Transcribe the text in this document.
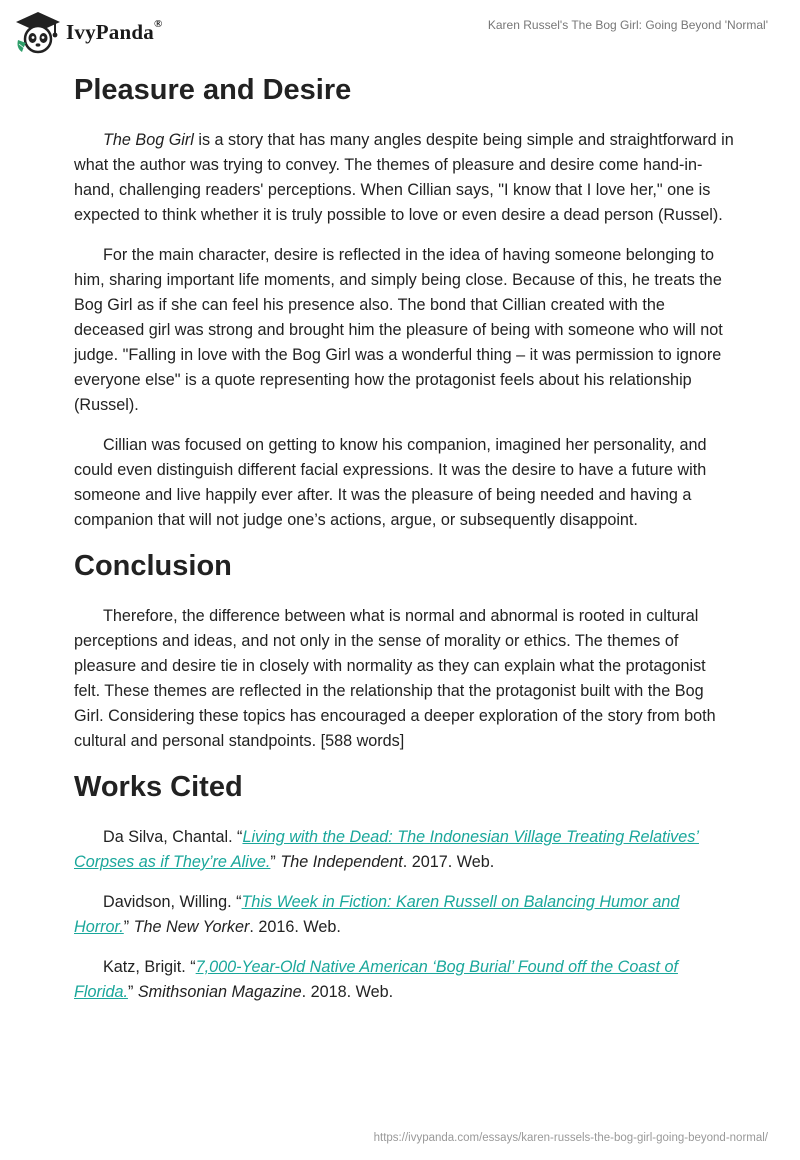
IvyPanda®	Karen Russel's The Bog Girl: Going Beyond 'Normal'
Pleasure and Desire

The Bog Girl is a story that has many angles despite being simple and straightforward in what the author was trying to convey. The themes of pleasure and desire come hand-in-hand, challenging readers' perceptions. When Cillian says, "I know that I love her," one is expected to think whether it is truly possible to love or even desire a dead person (Russel).

For the main character, desire is reflected in the idea of having someone belonging to him, sharing important life moments, and simply being close. Because of this, he treats the Bog Girl as if she can feel his presence also. The bond that Cillian created with the deceased girl was strong and brought him the pleasure of being with someone who will not judge. "Falling in love with the Bog Girl was a wonderful thing – it was permission to ignore everyone else" is a quote representing how the protagonist feels about his relationship (Russel).

Cillian was focused on getting to know his companion, imagined her personality, and could even distinguish different facial expressions. It was the desire to have a future with someone and live happily ever after. It was the pleasure of being needed and having a companion that will not judge one’s actions, argue, or subsequently disappoint.

Conclusion

Therefore, the difference between what is normal and abnormal is rooted in cultural perceptions and ideas, and not only in the sense of morality or ethics. The themes of pleasure and desire tie in closely with normality as they can explain what the protagonist felt. These themes are reflected in the relationship that the protagonist built with the Bog Girl. Considering these topics has encouraged a deeper exploration of the story from both cultural and personal standpoints. [588 words]

Works Cited

Da Silva, Chantal. “Living with the Dead: The Indonesian Village Treating Relatives’ Corpses as if They’re Alive.” The Independent. 2017. Web.

Davidson, Willing. “This Week in Fiction: Karen Russell on Balancing Humor and Horror.” The New Yorker. 2016. Web.

Katz, Brigit. “7,000-Year-Old Native American ‘Bog Burial’ Found off the Coast of Florida.” Smithsonian Magazine. 2018. Web.

https://ivypanda.com/essays/karen-russels-the-bog-girl-going-beyond-normal/
